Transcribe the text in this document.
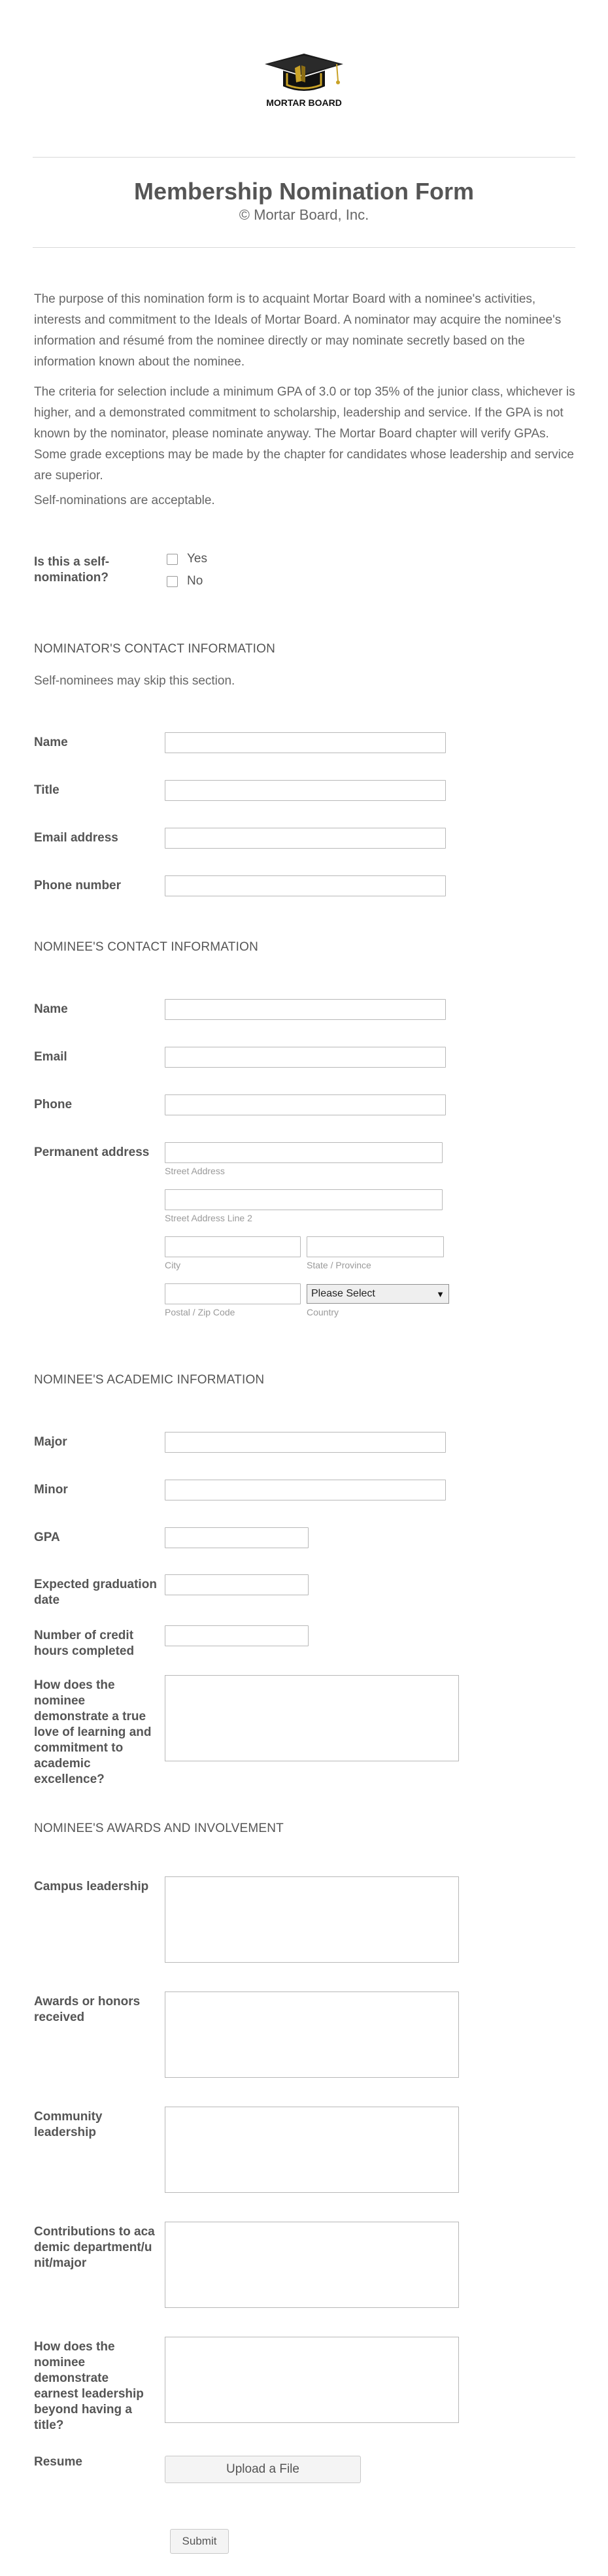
MORTAR BOARD
Membership Nomination Form
© Mortar Board, Inc.
The purpose of this nomination form is to acquaint Mortar Board with a nominee's activities, interests and commitment to the Ideals of Mortar Board. A nominator may acquire the nominee's information and résumé from the nominee directly or may nominate secretly based on the information known about the nominee.
The criteria for selection include a minimum GPA of 3.0 or top 35% of the junior class, whichever is higher, and a demonstrated commitment to scholarship, leadership and service. If the GPA is not known by the nominator, please nominate anyway. The Mortar Board chapter will verify GPAs. Some grade exceptions may be made by the chapter for candidates whose leadership and service are superior.
Self-nominations are acceptable.
Is this a self-nomination?
Yes
No
NOMINATOR'S CONTACT INFORMATION
Self-nominees may skip this section.
Name
Title
Email address
Phone number
NOMINEE'S CONTACT INFORMATION
Name
Email
Phone
Permanent address
Street Address
Street Address Line 2
City	State / Province
Postal / Zip Code
Please Select	▼
Country
NOMINEE'S ACADEMIC INFORMATION
Major
Minor
GPA
Expected graduation date
Number of credit hours completed
How does the nominee demonstrate a true love of learning and commitment to academic excellence?
NOMINEE'S AWARDS AND INVOLVEMENT
Campus leadership
Awards or honors received
Community leadership
Contributions to academic department/unit/major
How does the nominee demonstrate earnest leadership beyond having a title?
Resume
Upload a File
Submit
